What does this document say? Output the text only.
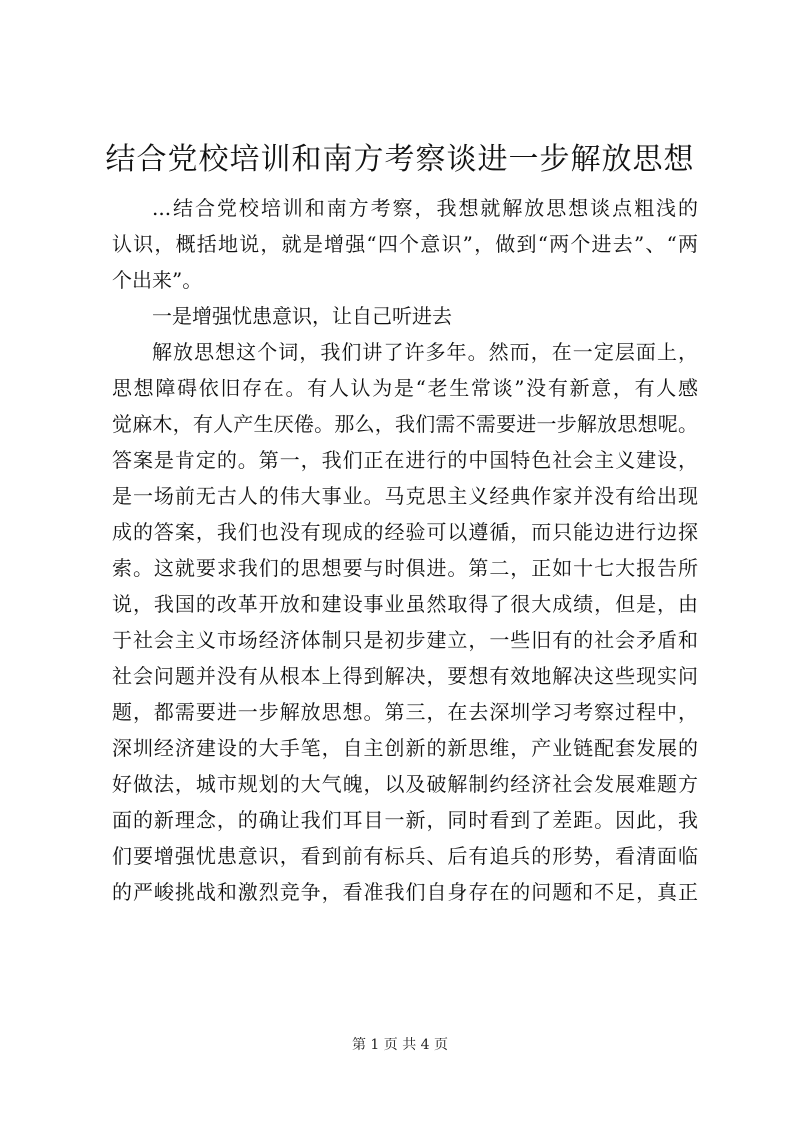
结合党校培训和南方考察谈进一步解放思想

...结合党校培训和南方考察，我想就解放思想谈点粗浅的

认识，概括地说，就是增强“四个意识”，做到“两个进去”、“两

个出来”。

一是增强忧患意识，让自己听进去

解放思想这个词，我们讲了许多年。然而，在一定层面上，

思想障碍依旧存在。有人认为是“老生常谈”没有新意，有人感

觉麻木，有人产生厌倦。那么，我们需不需要进一步解放思想呢。

答案是肯定的。第一，我们正在进行的中国特色社会主义建设，

是一场前无古人的伟大事业。马克思主义经典作家并没有给出现

成的答案，我们也没有现成的经验可以遵循，而只能边进行边探

索。这就要求我们的思想要与时俱进。第二，正如十七大报告所

说，我国的改革开放和建设事业虽然取得了很大成绩，但是，由

于社会主义市场经济体制只是初步建立，一些旧有的社会矛盾和

社会问题并没有从根本上得到解决，要想有效地解决这些现实问

题，都需要进一步解放思想。第三，在去深圳学习考察过程中，

深圳经济建设的大手笔，自主创新的新思维，产业链配套发展的

好做法，城市规划的大气魄，以及破解制约经济社会发展难题方

面的新理念，的确让我们耳目一新，同时看到了差距。因此，我

们要增强忧患意识，看到前有标兵、后有追兵的形势，看清面临

的严峻挑战和激烈竞争，看准我们自身存在的问题和不足，真正

第 1 页 共 4 页
